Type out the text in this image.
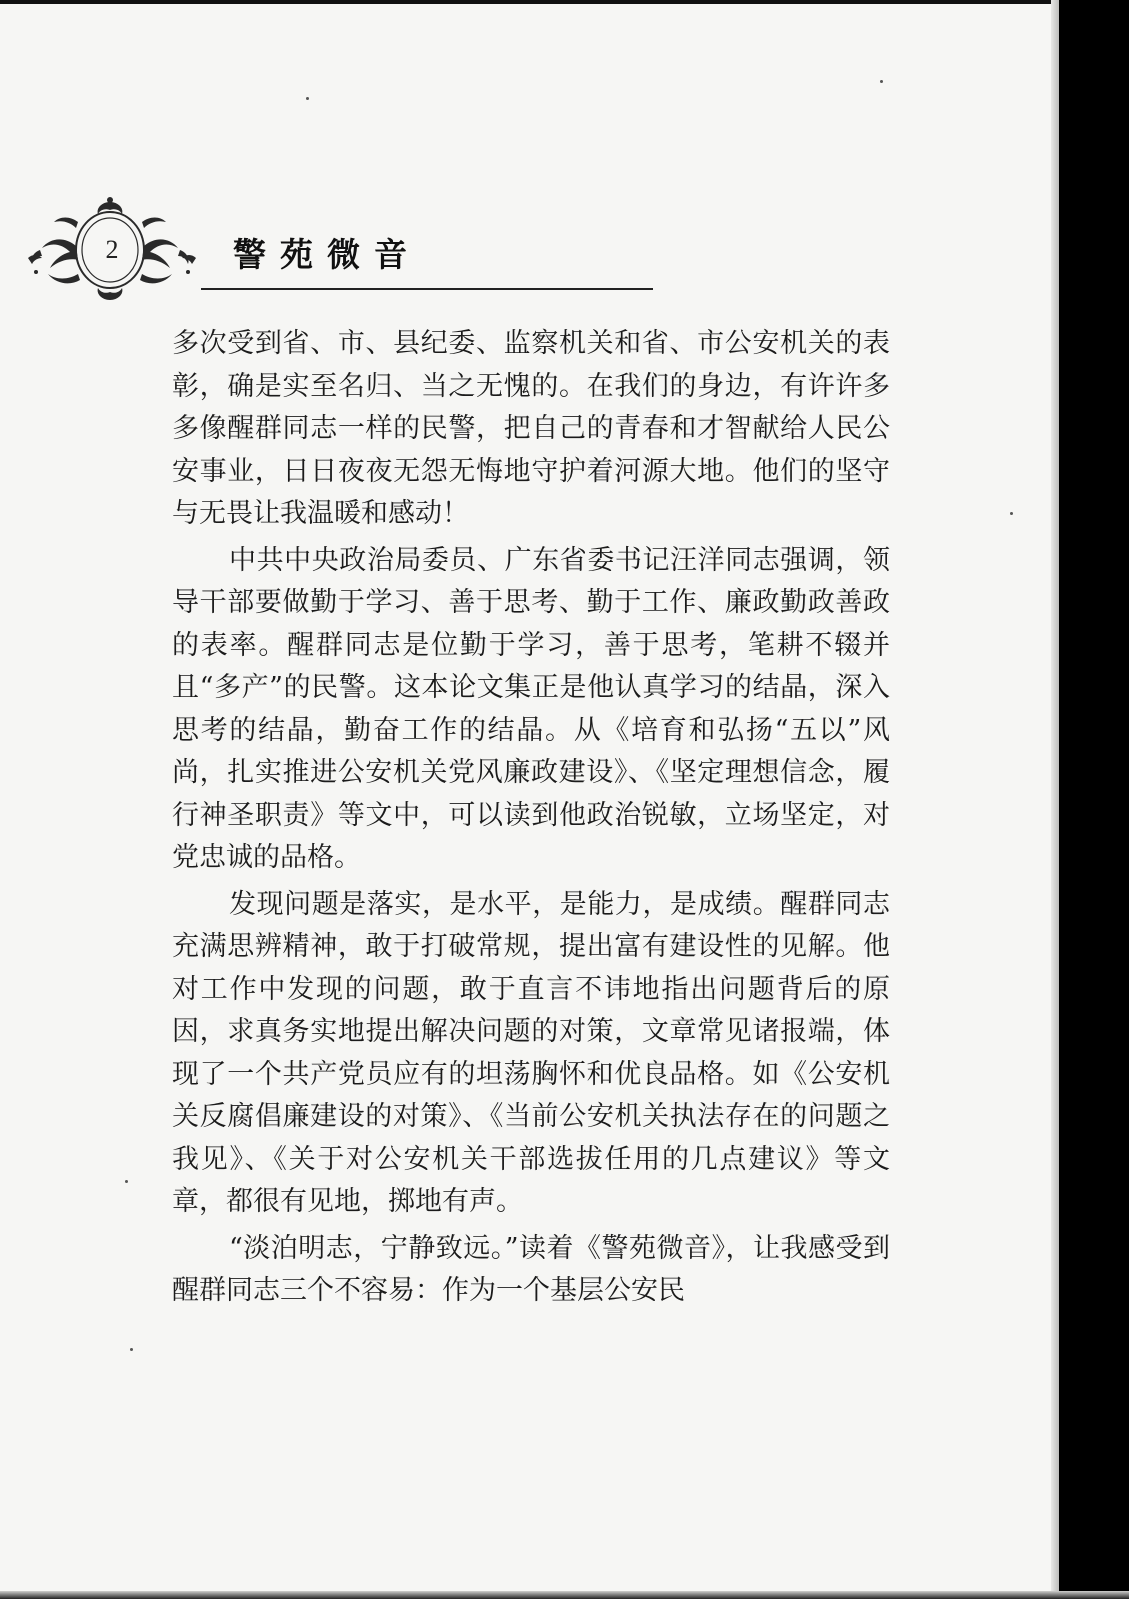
2	警苑微音

多次受到省、市、县纪委、监察机关和省、市公安机关的表彰，确是实至名归、当之无愧的。在我们的身边，有许许多多像醒群同志一样的民警，把自己的青春和才智献给人民公安事业，日日夜夜无怨无悔地守护着河源大地。他们的坚守与无畏让我温暖和感动！

中共中央政治局委员、广东省委书记汪洋同志强调，领导干部要做勤于学习、善于思考、勤于工作、廉政勤政善政的表率。醒群同志是位勤于学习，善于思考，笔耕不辍并且“多产”的民警。这本论文集正是他认真学习的结晶，深入思考的结晶，勤奋工作的结晶。从《培育和弘扬“五以”风尚，扎实推进公安机关党风廉政建设》、《坚定理想信念，履行神圣职责》等文中，可以读到他政治锐敏，立场坚定，对党忠诚的品格。

发现问题是落实，是水平，是能力，是成绩。醒群同志充满思辨精神，敢于打破常规，提出富有建设性的见解。他对工作中发现的问题，敢于直言不讳地指出问题背后的原因，求真务实地提出解决问题的对策，文章常见诸报端，体现了一个共产党员应有的坦荡胸怀和优良品格。如《公安机关反腐倡廉建设的对策》、《当前公安机关执法存在的问题之我见》、《关于对公安机关干部选拔任用的几点建议》等文章，都很有见地，掷地有声。

“淡泊明志，宁静致远。”读着《警苑微音》，让我感受到醒群同志三个不容易：作为一个基层公安民
